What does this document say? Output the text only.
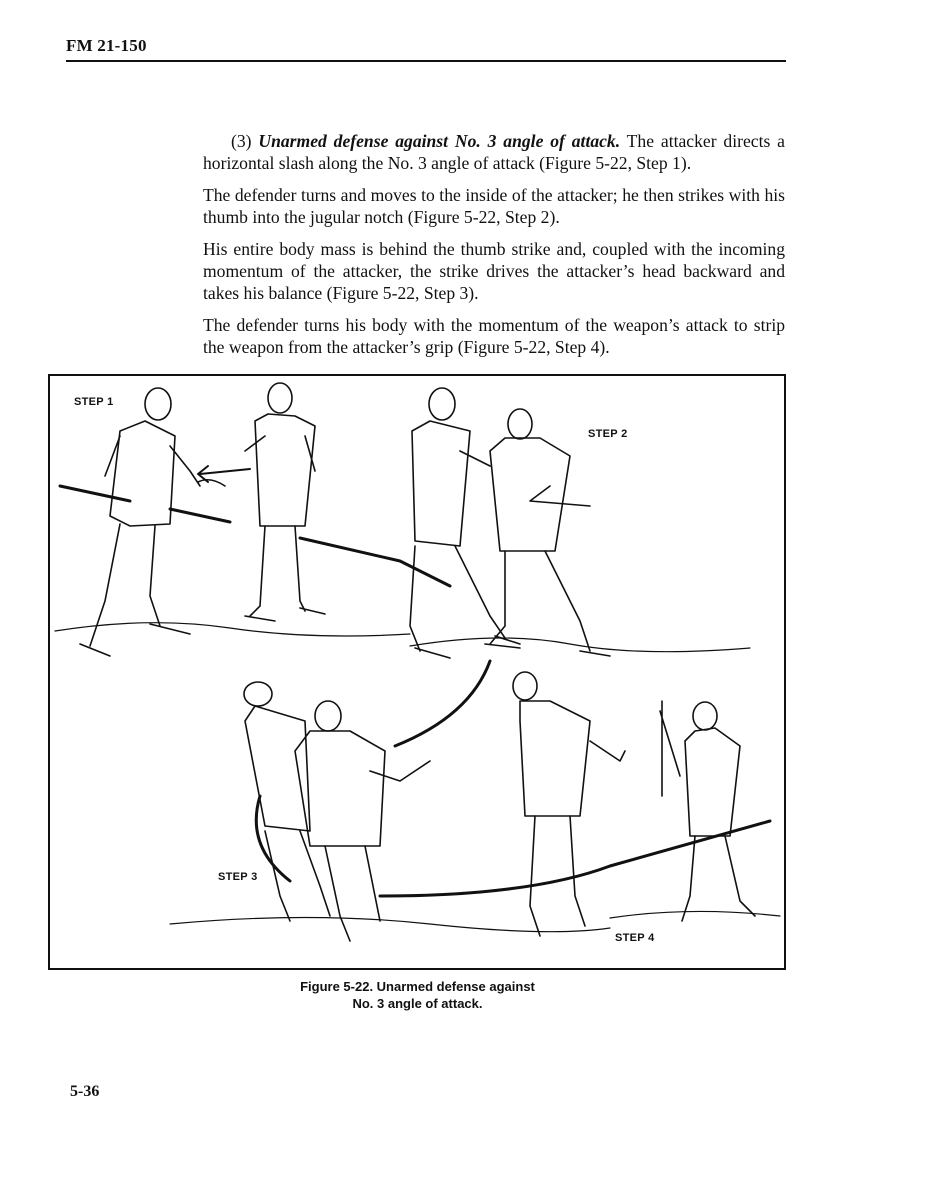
FM 21-150

(3) Unarmed defense against No. 3 angle of attack. The attacker directs a horizontal slash along the No. 3 angle of attack (Figure 5-22, Step 1).

The defender turns and moves to the inside of the attacker; he then strikes with his thumb into the jugular notch (Figure 5-22, Step 2).

His entire body mass is behind the thumb strike and, coupled with the incoming momentum of the attacker, the strike drives the attacker’s head backward and takes his balance (Figure 5-22, Step 3).

The defender turns his body with the momentum of the weapon’s attack to strip the weapon from the attacker’s grip (Figure 5-22, Step 4).

STEP 1
STEP 2
STEP 3
STEP 4
Figure 5-22. Unarmed defense against
No. 3 angle of attack.
5-36
